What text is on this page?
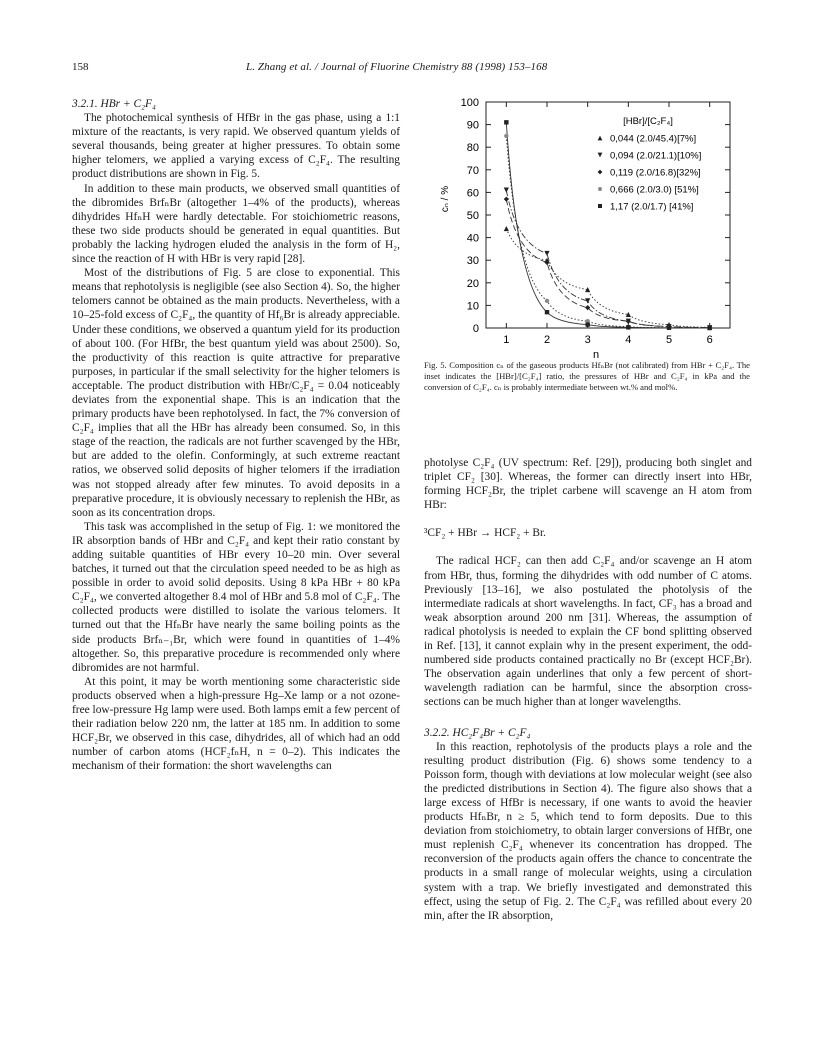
158	L. Zhang et al. / Journal of Fluorine Chemistry 88 (1998) 153–168

3.2.1. HBr + C₂F₄

The photochemical synthesis of HfBr in the gas phase, using a 1:1 mixture of the reactants, is very rapid. We observed quantum yields of several thousands, being greater at higher pressures. To obtain some higher telomers, we applied a varying excess of C₂F₄. The resulting product distributions are shown in Fig. 5.

In addition to these main products, we observed small quantities of the dibromides BrfₙBr (altogether 1–4% of the products), whereas dihydrides HfₙH were hardly detectable. For stoichiometric reasons, these two side products should be generated in equal quantities. But probably the lacking hydrogen eluded the analysis in the form of H₂, since the reaction of H with HBr is very rapid [28].

Most of the distributions of Fig. 5 are close to exponential. This means that rephotolysis is negligible (see also Section 4). So, the higher telomers cannot be obtained as the main products. Nevertheless, with a 10–25-fold excess of C₂F₄, the quantity of Hf₆Br is already appreciable. Under these conditions, we observed a quantum yield for its production of about 100. (For HfBr, the best quantum yield was about 2500). So, the productivity of this reaction is quite attractive for preparative purposes, in particular if the small selectivity for the higher telomers is acceptable. The product distribution with HBr/C₂F₄ = 0.04 noticeably deviates from the exponential shape. This is an indication that the primary products have been rephotolysed. In fact, the 7% conversion of C₂F₄ implies that all the HBr has already been consumed. So, in this stage of the reaction, the radicals are not further scavenged by the HBr, but are added to the olefin. Conformingly, at such extreme reactant ratios, we observed solid deposits of higher telomers if the irradiation was not stopped already after few minutes. To avoid deposits in a preparative procedure, it is obviously necessary to replenish the HBr, as soon as its concentration drops.

This task was accomplished in the setup of Fig. 1: we monitored the IR absorption bands of HBr and C₂F₄ and kept their ratio constant by adding suitable quantities of HBr every 10–20 min. Over several batches, it turned out that the circulation speed needed to be as high as possible in order to avoid solid deposits. Using 8 kPa HBr + 80 kPa C₂F₄, we converted altogether 8.4 mol of HBr and 5.8 mol of C₂F₄. The collected products were distilled to isolate the various telomers. It turned out that the HfₙBr have nearly the same boiling points as the side products Brfₙ₋₁Br, which were found in quantities of 1–4% altogether. So, this preparative procedure is recommended only where dibromides are not harmful.

At this point, it may be worth mentioning some characteristic side products observed when a high-pressure Hg–Xe lamp or a not ozone-free low-pressure Hg lamp were used. Both lamps emit a few percent of their radiation below 220 nm, the latter at 185 nm. In addition to some HCF₂Br, we observed in this case, dihydrides, all of which had an odd number of carbon atoms (HCF₂fₙH, n = 0–2). This indicates the mechanism of their formation: the short wavelengths can

0
10
20
30
40
50
60
70
80
90
100
1	2	3	4	5	6
n
cₙ / %
[HBr]/[C₂F₄]
0,044 (2.0/45.4)[7%]
0,094 (2.0/21.1)[10%]
0,119 (2.0/16.8)[32%]
0,666 (2.0/3.0) [51%]
1,17 (2.0/1.7) [41%]
Fig. 5. Composition cₙ of the gaseous products HfₙBr (not calibrated) from HBr + C₂F₄. The inset indicates the [HBr]/[C₂F₄] ratio, the pressures of HBr and C₂F₄ in kPa and the conversion of C₂F₄. cₙ is probably intermediate between wt.% and mol%.

photolyse C₂F₄ (UV spectrum: Ref. [29]), producing both singlet and triplet CF₂ [30]. Whereas, the former can directly insert into HBr, forming HCF₂Br, the triplet carbene will scavenge an H atom from HBr:

³CF₂ + HBr → HCF₂ + Br.

The radical HCF₂ can then add C₂F₄ and/or scavenge an H atom from HBr, thus, forming the dihydrides with odd number of C atoms. Previously [13–16], we also postulated the photolysis of the intermediate radicals at short wavelengths. In fact, CF₃ has a broad and weak absorption around 200 nm [31]. Whereas, the assumption of radical photolysis is needed to explain the CF bond splitting observed in Ref. [13], it cannot explain why in the present experiment, the odd-numbered side products contained practically no Br (except HCF₂Br). The observation again underlines that only a few percent of short-wavelength radiation can be harmful, since the absorption cross-sections can be much higher than at longer wavelengths.

3.2.2. HC₂F₄Br + C₂F₄

In this reaction, rephotolysis of the products plays a role and the resulting product distribution (Fig. 6) shows some tendency to a Poisson form, though with deviations at low molecular weight (see also the predicted distributions in Section 4). The figure also shows that a large excess of HfBr is necessary, if one wants to avoid the heavier products HfₙBr, n ≥ 5, which tend to form deposits. Due to this deviation from stoichiometry, to obtain larger conversions of HfBr, one must replenish C₂F₄ whenever its concentration has dropped. The reconversion of the products again offers the chance to concentrate the products in a small range of molecular weights, using a circulation system with a trap. We briefly investigated and demonstrated this effect, using the setup of Fig. 2. The C₂F₄ was refilled about every 20 min, after the IR absorption,
